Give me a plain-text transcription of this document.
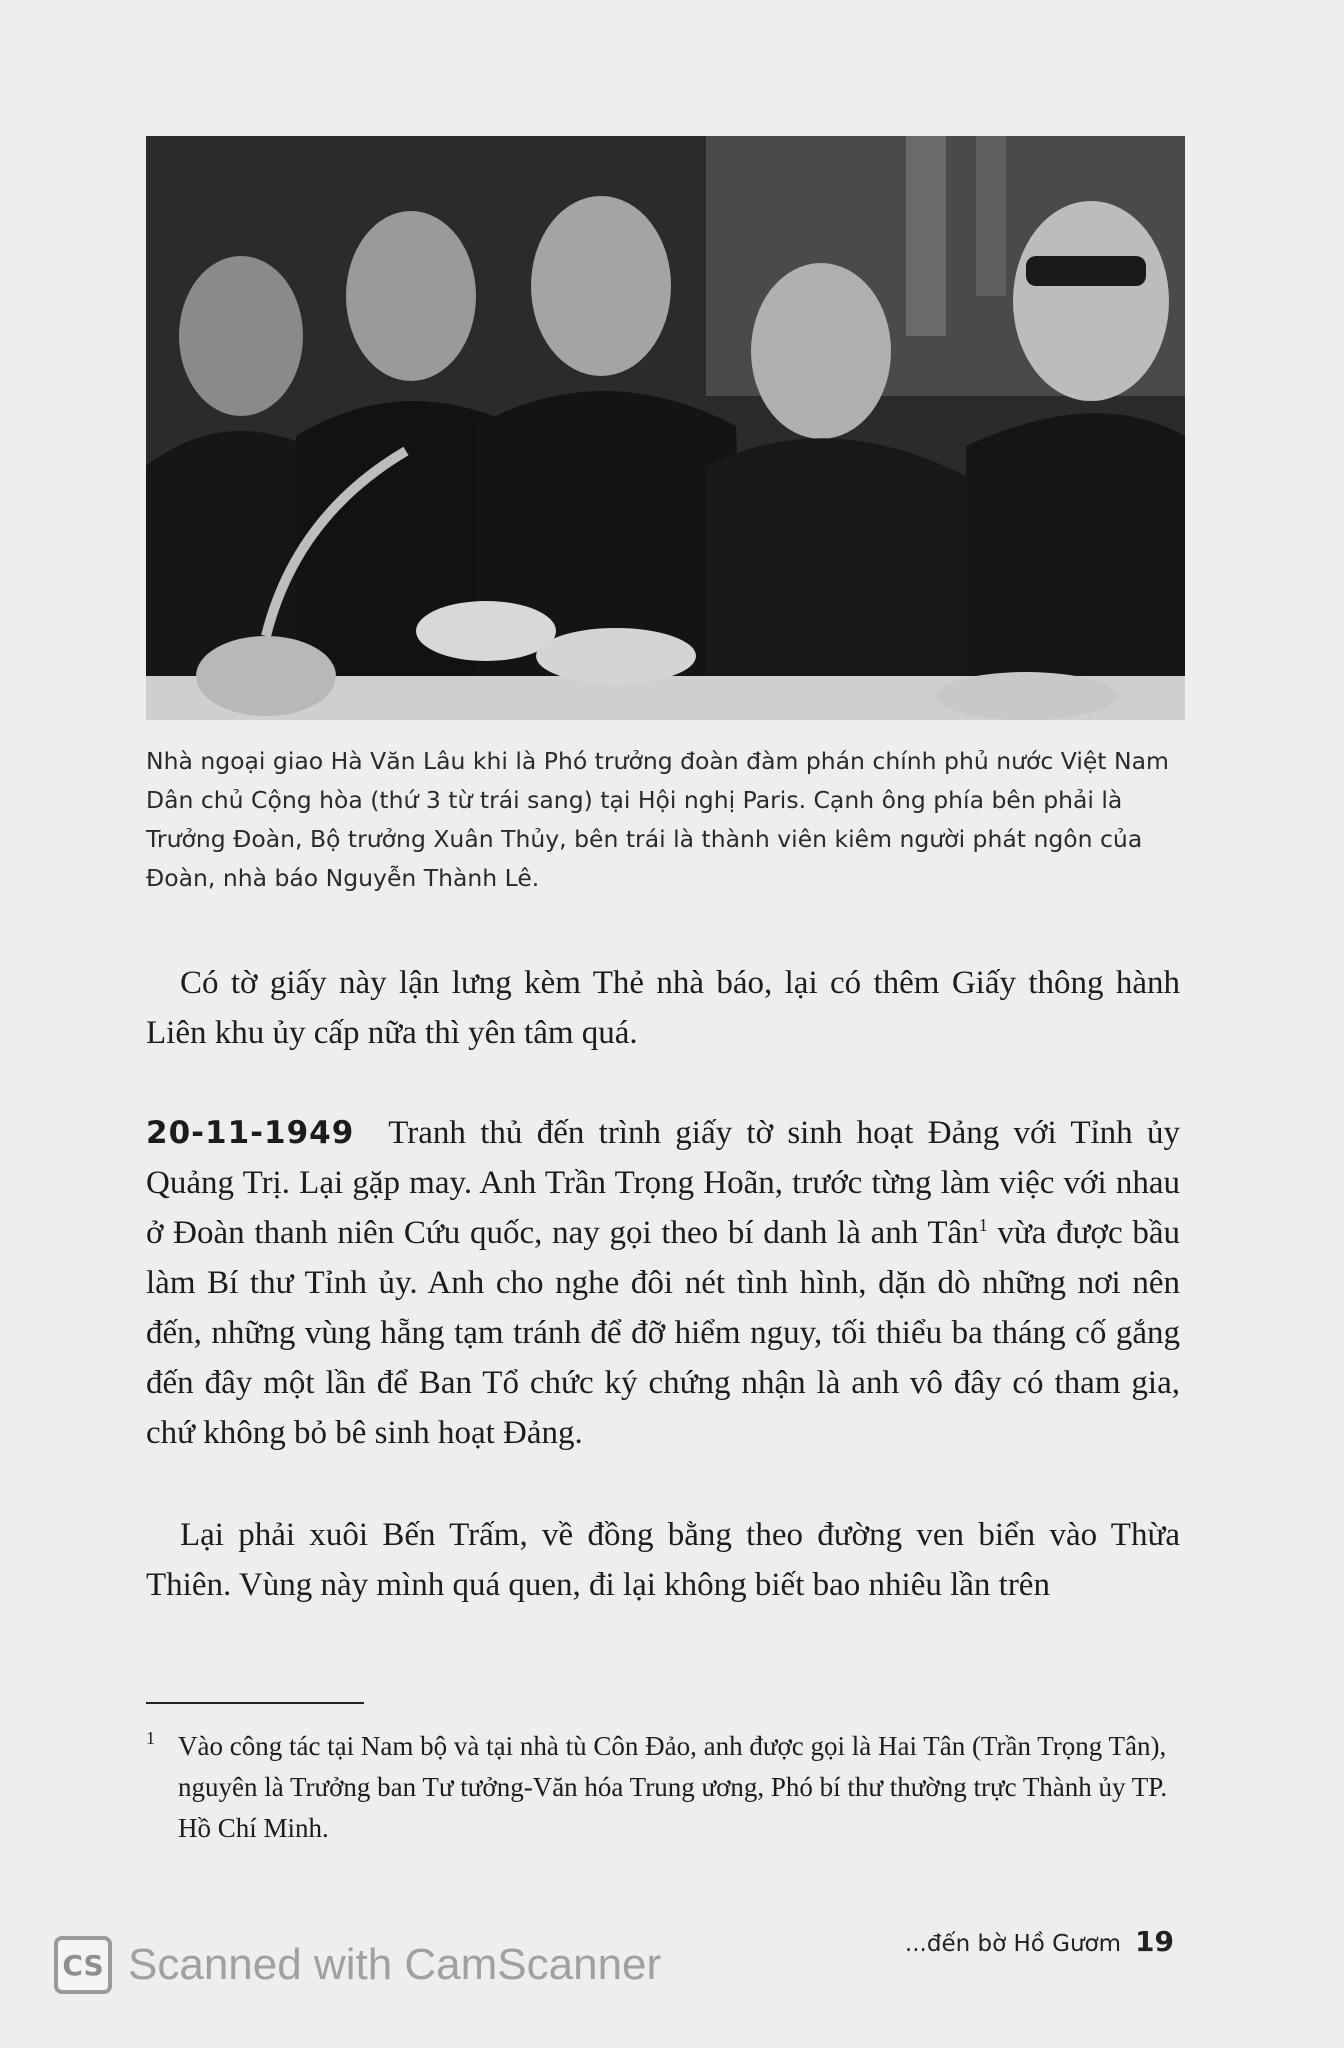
Nhà ngoại giao Hà Văn Lâu khi là Phó trưởng đoàn đàm phán chính phủ nước Việt Nam Dân chủ Cộng hòa (thứ 3 từ trái sang) tại Hội nghị Paris. Cạnh ông phía bên phải là Trưởng Đoàn, Bộ trưởng Xuân Thủy, bên trái là thành viên kiêm người phát ngôn của Đoàn, nhà báo Nguyễn Thành Lê.

Có tờ giấy này lận lưng kèm Thẻ nhà báo, lại có thêm Giấy thông hành Liên khu ủy cấp nữa thì yên tâm quá.

20-11-1949 Tranh thủ đến trình giấy tờ sinh hoạt Đảng với Tỉnh ủy Quảng Trị. Lại gặp may. Anh Trần Trọng Hoãn, trước từng làm việc với nhau ở Đoàn thanh niên Cứu quốc, nay gọi theo bí danh là anh Tân$^1$ vừa được bầu làm Bí thư Tỉnh ủy. Anh cho nghe đôi nét tình hình, dặn dò những nơi nên đến, những vùng hẵng tạm tránh để đỡ hiểm nguy, tối thiểu ba tháng cố gắng đến đây một lần để Ban Tổ chức ký chứng nhận là anh vô đây có tham gia, chứ không bỏ bê sinh hoạt Đảng.

Lại phải xuôi Bến Trấm, về đồng bằng theo đường ven biển vào Thừa Thiên. Vùng này mình quá quen, đi lại không biết bao nhiêu lần trên

1 Vào công tác tại Nam bộ và tại nhà tù Côn Đảo, anh được gọi là Hai Tân (Trần Trọng Tân), nguyên là Trưởng ban Tư tưởng-Văn hóa Trung ương, Phó bí thư thường trực Thành ủy TP. Hồ Chí Minh.

...đến bờ Hồ Gươm 19
CS Scanned with CamScanner
